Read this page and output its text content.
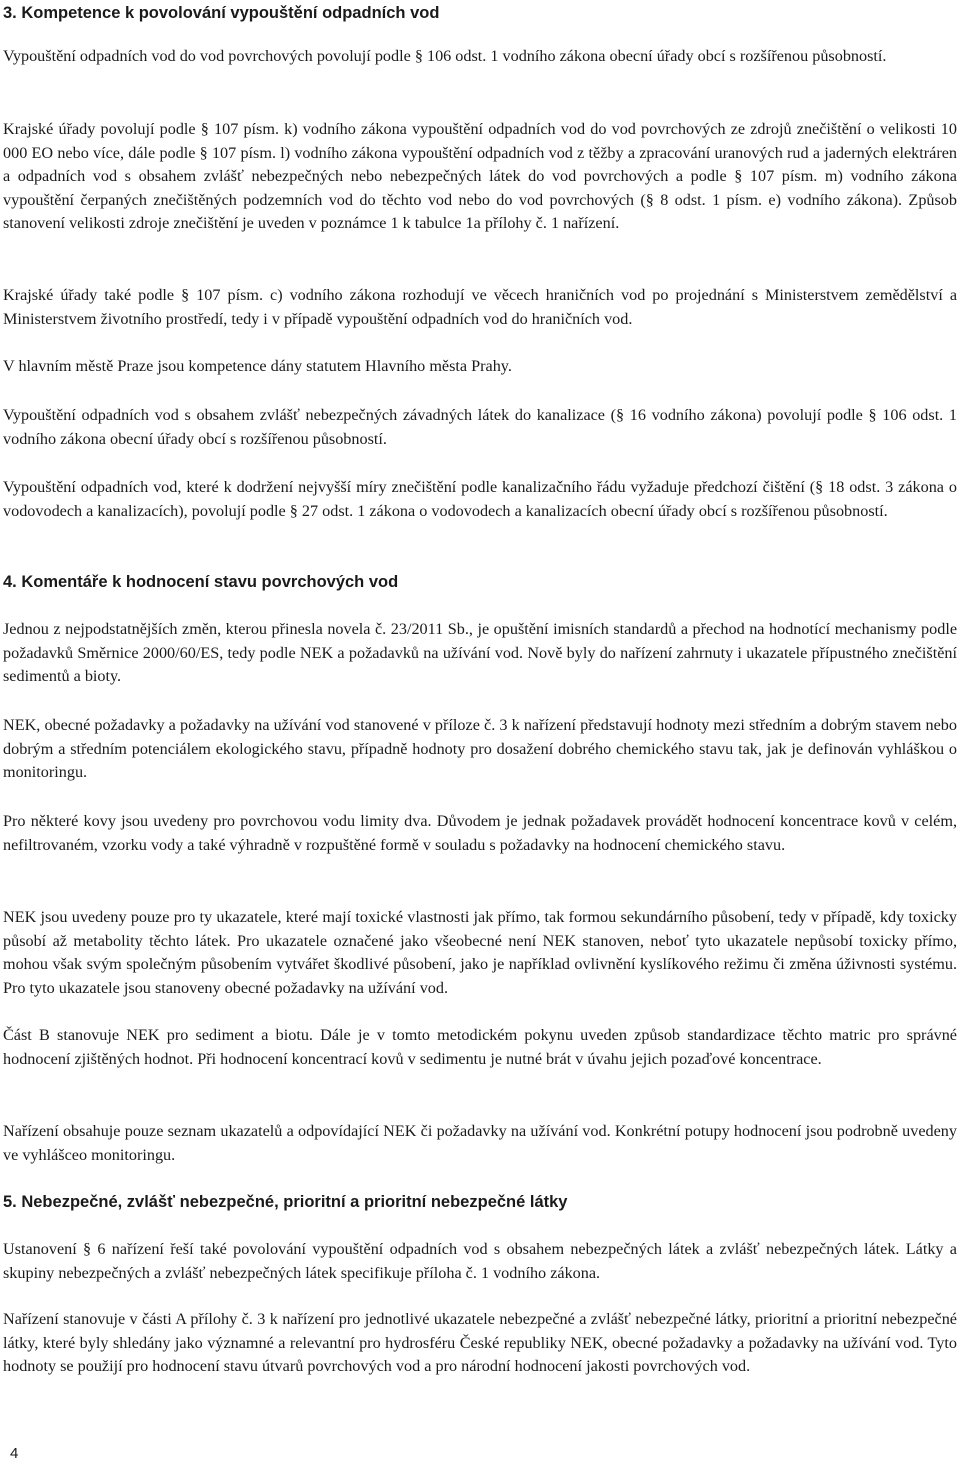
3. Kompetence k povolování vypouštění odpadních vod

Vypouštění odpadních vod do vod povrchových povolují podle § 106 odst. 1 vodního zákona obecní úřady obcí s rozšířenou působností.

Krajské úřady povolují podle § 107 písm. k) vodního zákona vypouštění odpadních vod do vod povrchových ze zdrojů znečištění o velikosti 10 000 EO nebo více, dále podle § 107 písm. l) vodního zákona vypouštění odpadních vod z těžby a zpracování uranových rud a jaderných elektráren a odpadních vod s obsahem zvlášť nebezpečných nebo nebezpečných látek do vod povrchových a podle § 107 písm. m) vodního zákona vypouštění čerpaných znečištěných podzemních vod do těchto vod nebo do vod povrchových (§ 8 odst. 1 písm. e) vodního zákona). Způsob stanovení velikosti zdroje znečištění je uveden v poznámce 1 k tabulce 1a přílohy č. 1 nařízení.

Krajské úřady také podle § 107 písm. c) vodního zákona rozhodují ve věcech hraničních vod po projednání s Ministerstvem zemědělství a Ministerstvem životního prostředí, tedy i v případě vypouštění odpadních vod do hraničních vod.

V hlavním městě Praze jsou kompetence dány statutem Hlavního města Prahy.

Vypouštění odpadních vod s obsahem zvlášť nebezpečných závadných látek do kanalizace (§ 16 vodního zákona) povolují podle § 106 odst. 1 vodního zákona obecní úřady obcí s rozšířenou působností.

Vypouštění odpadních vod, které k dodržení nejvyšší míry znečištění podle kanalizačního řádu vyžaduje předchozí čištění (§ 18 odst. 3 zákona o vodovodech a kanalizacích), povolují podle § 27 odst. 1 zákona o vodovodech a kanalizacích obecní úřady obcí s rozšířenou působností.

4. Komentáře k hodnocení stavu povrchových vod

Jednou z nejpodstatnějších změn, kterou přinesla novela č. 23/2011 Sb., je opuštění imisních standardů a přechod na hodnotící mechanismy podle požadavků Směrnice 2000/60/ES, tedy podle NEK a požadavků na užívání vod. Nově byly do nařízení zahrnuty i ukazatele přípustného znečištění sedimentů a bioty.

NEK, obecné požadavky a požadavky na užívání vod stanovené v příloze č. 3 k nařízení představují hodnoty mezi středním a dobrým stavem nebo dobrým a středním potenciálem ekologického stavu, případně hodnoty pro dosažení dobrého chemického stavu tak, jak je definován vyhláškou o monitoringu.

Pro některé kovy jsou uvedeny pro povrchovou vodu limity dva. Důvodem je jednak požadavek provádět hodnocení koncentrace kovů v celém, nefiltrovaném, vzorku vody a také výhradně v rozpuštěné formě v souladu s požadavky na hodnocení chemického stavu.

NEK jsou uvedeny pouze pro ty ukazatele, které mají toxické vlastnosti jak přímo, tak formou sekundárního působení, tedy v případě, kdy toxicky působí až metabolity těchto látek. Pro ukazatele označené jako všeobecné není NEK stanoven, neboť tyto ukazatele nepůsobí toxicky přímo, mohou však svým společným působením vytvářet škodlivé působení, jako je například ovlivnění kyslíkového režimu či změna úživnosti systému. Pro tyto ukazatele jsou stanoveny obecné požadavky na užívání vod.

Část B stanovuje NEK pro sediment a biotu. Dále je v tomto metodickém pokynu uveden způsob standardizace těchto matric pro správné hodnocení zjištěných hodnot. Při hodnocení koncentrací kovů v sedimentu je nutné brát v úvahu jejich pozaďové koncentrace.

Nařízení obsahuje pouze seznam ukazatelů a odpovídající NEK či požadavky na užívání vod. Konkrétní potupy hodnocení jsou podrobně uvedeny ve vyhlášceo monitoringu.

5. Nebezpečné, zvlášť nebezpečné, prioritní a prioritní nebezpečné látky

Ustanovení § 6 nařízení řeší také povolování vypouštění odpadních vod s obsahem nebezpečných látek a zvlášť nebezpečných látek. Látky a skupiny nebezpečných a zvlášť nebezpečných látek specifikuje příloha č. 1 vodního zákona.

Nařízení stanovuje v části A přílohy č. 3 k nařízení pro jednotlivé ukazatele nebezpečné a zvlášť nebezpečné látky, prioritní a prioritní nebezpečné látky, které byly shledány jako významné a relevantní pro hydrosféru České republiky NEK, obecné požadavky a požadavky na užívání vod. Tyto hodnoty se použijí pro hodnocení stavu útvarů povrchových vod a pro národní hodnocení jakosti povrchových vod.

4
